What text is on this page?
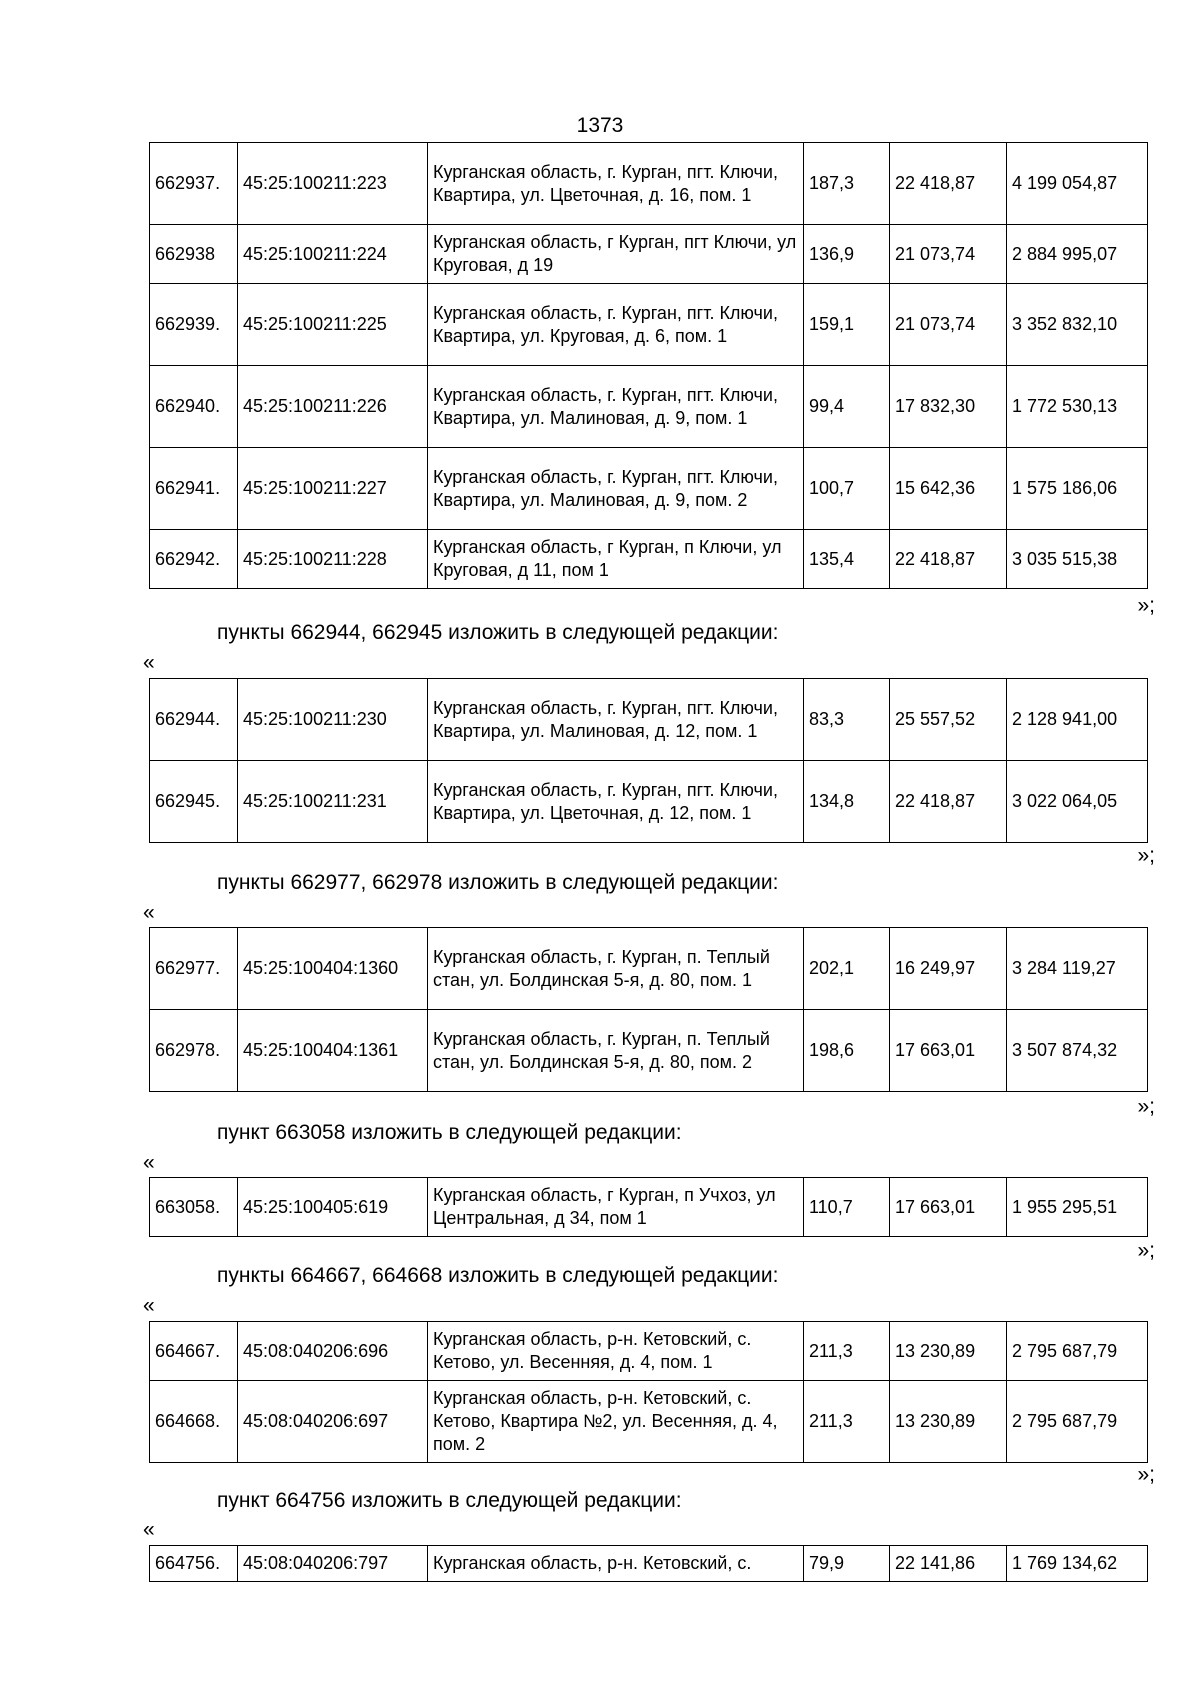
1373
662937.	45:25:100211:223	Курганская область, г. Курган, пгт. Ключи, Квартира, ул. Цветочная, д. 16, пом. 1	187,3	22 418,87	4 199 054,87
662938	45:25:100211:224	Курганская область, г Курган, пгт Ключи, ул Круговая, д 19	136,9	21 073,74	2 884 995,07
662939.	45:25:100211:225	Курганская область, г. Курган, пгт. Ключи, Квартира, ул. Круговая, д. 6, пом. 1	159,1	21 073,74	3 352 832,10
662940.	45:25:100211:226	Курганская область, г. Курган, пгт. Ключи, Квартира, ул. Малиновая, д. 9, пом. 1	99,4	17 832,30	1 772 530,13
662941.	45:25:100211:227	Курганская область, г. Курган, пгт. Ключи, Квартира, ул. Малиновая, д. 9, пом. 2	100,7	15 642,36	1 575 186,06
662942.	45:25:100211:228	Курганская область, г Курган, п Ключи, ул Круговая, д 11, пом 1	135,4	22 418,87	3 035 515,38
»;
пункты 662944, 662945 изложить в следующей редакции:
«
662944.	45:25:100211:230	Курганская область, г. Курган, пгт. Ключи, Квартира, ул. Малиновая, д. 12, пом. 1	83,3	25 557,52	2 128 941,00
662945.	45:25:100211:231	Курганская область, г. Курган, пгт. Ключи, Квартира, ул. Цветочная, д. 12, пом. 1	134,8	22 418,87	3 022 064,05
»;
пункты 662977, 662978 изложить в следующей редакции:
«
662977.	45:25:100404:1360	Курганская область, г. Курган, п. Теплый стан, ул. Болдинская 5-я, д. 80, пом. 1	202,1	16 249,97	3 284 119,27
662978.	45:25:100404:1361	Курганская область, г. Курган, п. Теплый стан, ул. Болдинская 5-я, д. 80, пом. 2	198,6	17 663,01	3 507 874,32
»;
пункт 663058 изложить в следующей редакции:
«
663058.	45:25:100405:619	Курганская область, г Курган, п Учхоз, ул Центральная, д 34, пом 1	110,7	17 663,01	1 955 295,51
»;
пункты 664667, 664668 изложить в следующей редакции:
«
664667.	45:08:040206:696	Курганская область, р-н. Кетовский, с. Кетово, ул. Весенняя, д. 4, пом. 1	211,3	13 230,89	2 795 687,79
664668.	45:08:040206:697	Курганская область, р-н. Кетовский, с. Кетово, Квартира №2, ул. Весенняя, д. 4, пом. 2	211,3	13 230,89	2 795 687,79
»;
пункт 664756 изложить в следующей редакции:
«
664756.	45:08:040206:797	Курганская область, р-н. Кетовский, с.	79,9	22 141,86	1 769 134,62
